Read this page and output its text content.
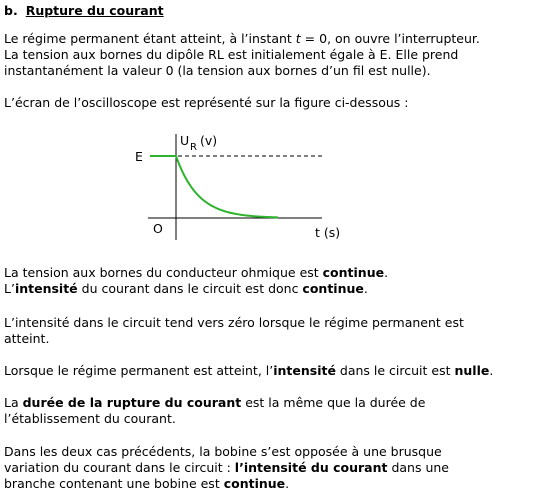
b. Rupture du courant
Le régime permanent étant atteint, à l’instant t = 0, on ouvre l’interrupteur.
La tension aux bornes du dipôle RL est initialement égale à E. Elle prend
instantanément la valeur 0 (la tension aux bornes d’un fil est nulle).
L’écran de l’oscilloscope est représenté sur la figure ci-dessous :
U R (v)
E
O	t (s)
La tension aux bornes du conducteur ohmique est continue.
L’intensité du courant dans le circuit est donc continue.
L’intensité dans le circuit tend vers zéro lorsque le régime permanent est
atteint.
Lorsque le régime permanent est atteint, l’intensité dans le circuit est nulle.
La durée de la rupture du courant est la même que la durée de
l’établissement du courant.
Dans les deux cas précédents, la bobine s’est opposée à une brusque
variation du courant dans le circuit : l’intensité du courant dans une
branche contenant une bobine est continue.
